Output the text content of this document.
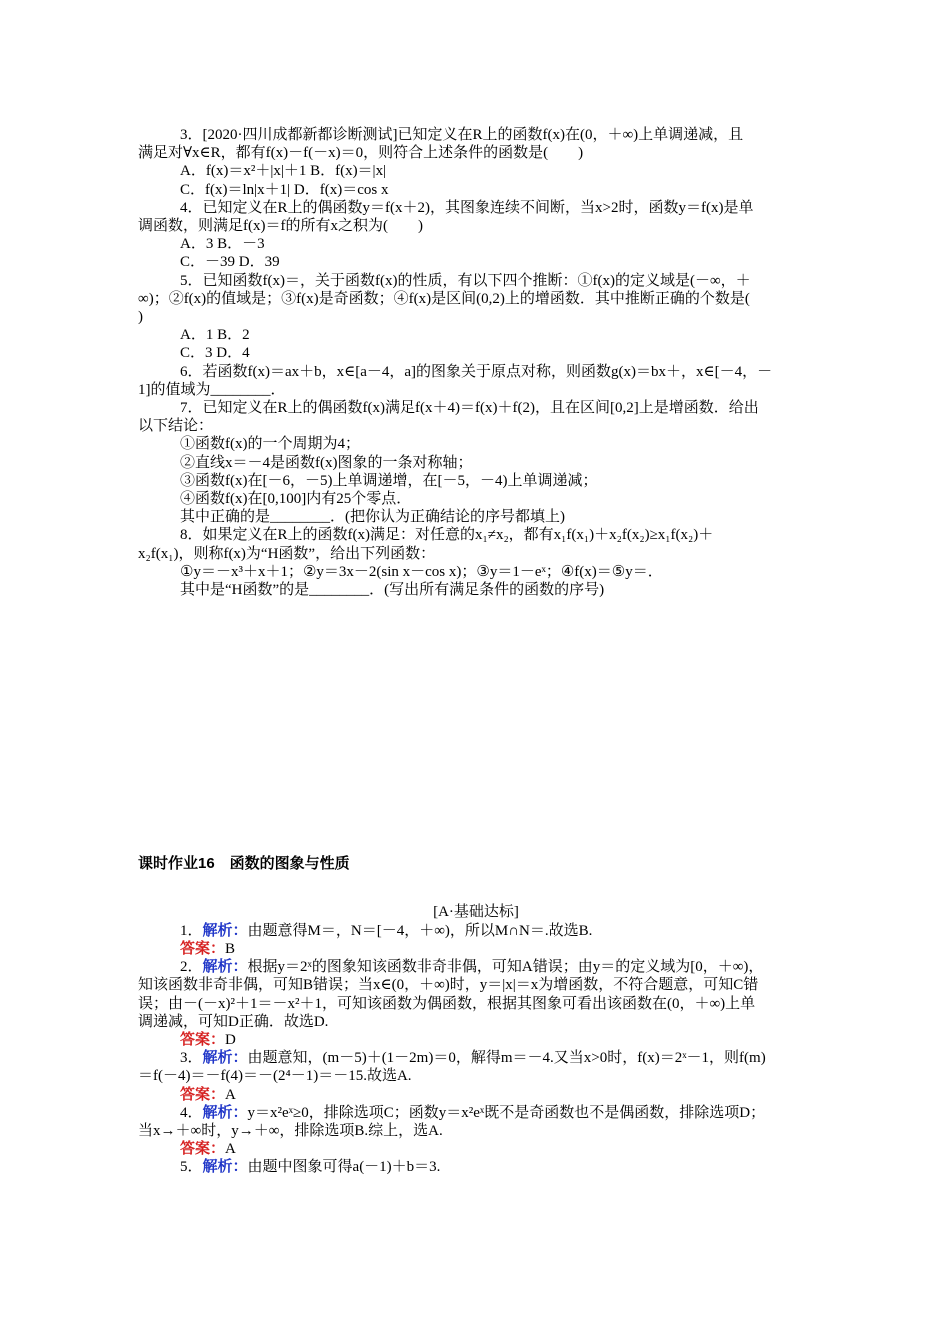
3．[2020·四川成都新都诊断测试]已知定义在R上的函数f(x)在(0，＋∞)上单调递减，且

满足对∀x∈R，都有f(x)－f(－x)＝0，则符合上述条件的函数是(　　)

A．f(x)＝x²＋|x|＋1 B．f(x)＝|x|

C．f(x)＝ln|x＋1| D．f(x)＝cos x

4．已知定义在R上的偶函数y＝f(x＋2)，其图象连续不间断，当x>2时，函数y＝f(x)是单

调函数，则满足f(x)＝f的所有x之积为(　　)

A．3 B．－3

C．－39 D．39

5．已知函数f(x)＝，关于函数f(x)的性质，有以下四个推断：①f(x)的定义域是(－∞，＋

∞)；②f(x)的值域是；③f(x)是奇函数；④f(x)是区间(0,2)上的增函数．其中推断正确的个数是(

)

A．1 B．2

C．3 D．4

6．若函数f(x)＝ax＋b，x∈[a－4，a]的图象关于原点对称，则函数g(x)＝bx＋，x∈[－4，－

1]的值域为________．

7．已知定义在R上的偶函数f(x)满足f(x＋4)＝f(x)＋f(2)，且在区间[0,2]上是增函数．给出

以下结论：

①函数f(x)的一个周期为4；

②直线x＝－4是函数f(x)图象的一条对称轴；

③函数f(x)在[－6，－5)上单调递增，在[－5，－4)上单调递减；

④函数f(x)在[0,100]内有25个零点．

其中正确的是________．(把你认为正确结论的序号都填上)

8．如果定义在R上的函数f(x)满足：对任意的x₁≠x₂，都有x₁f(x₁)＋x₂f(x₂)≥x₁f(x₂)＋

x₂f(x₁)，则称f(x)为“H函数”，给出下列函数：

①y＝－x³＋x＋1；②y＝3x－2(sin x－cos x)；③y＝1－eˣ；④f(x)＝⑤y＝．

其中是“H函数”的是________．(写出所有满足条件的函数的序号)

课时作业16　函数的图象与性质

[A·基础达标]

1．解析：由题意得M＝，N＝[－4，＋∞)，所以M∩N＝.故选B.

答案：B

2．解析：根据y＝2ˣ的图象知该函数非奇非偶，可知A错误；由y＝的定义域为[0，＋∞)，

知该函数非奇非偶，可知B错误；当x∈(0，＋∞)时，y＝|x|＝x为增函数，不符合题意，可知C错

误；由－(－x)²＋1＝－x²＋1，可知该函数为偶函数，根据其图象可看出该函数在(0，＋∞)上单

调递减，可知D正确．故选D.

答案：D

3．解析：由题意知，(m－5)＋(1－2m)＝0，解得m＝－4.又当x>0时，f(x)＝2ˣ－1，则f(m)

＝f(－4)＝－f(4)＝－(2⁴－1)＝－15.故选A.

答案：A

4．解析：y＝x²eˣ≥0，排除选项C；函数y＝x²eˣ既不是奇函数也不是偶函数，排除选项D；

当x→＋∞时，y→＋∞，排除选项B.综上，选A.

答案：A

5．解析：由题中图象可得a(－1)＋b＝3.
